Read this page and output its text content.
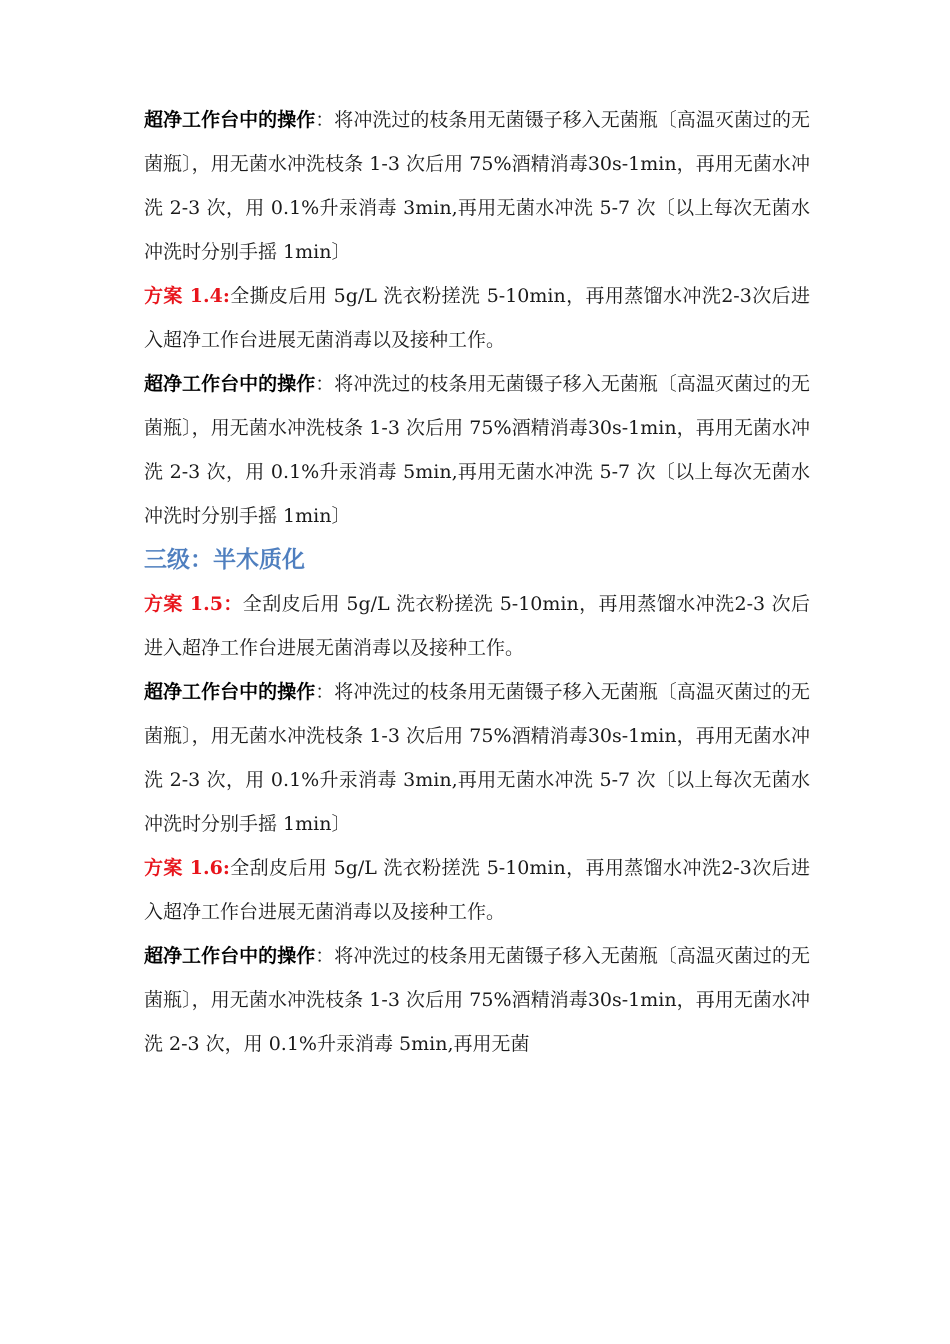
超净工作台中的操作：将冲洗过的枝条用无菌镊子移入无菌瓶〔高温灭菌过的无菌瓶〕，用无菌水冲洗枝条 1-3 次后用 75%酒精消毒30s-1min，再用无菌水冲洗 2-3 次，用 0.1%升汞消毒 3min,再用无菌水冲洗 5-7 次〔以上每次无菌水冲洗时分别手摇 1min〕

方案 1.4:全撕皮后用 5g/L 洗衣粉搓洗 5-10min，再用蒸馏水冲洗2-3次后进入超净工作台进展无菌消毒以及接种工作。

超净工作台中的操作：将冲洗过的枝条用无菌镊子移入无菌瓶〔高温灭菌过的无菌瓶〕，用无菌水冲洗枝条 1-3 次后用 75%酒精消毒30s-1min，再用无菌水冲洗 2-3 次，用 0.1%升汞消毒 5min,再用无菌水冲洗 5-7 次〔以上每次无菌水冲洗时分别手摇 1min〕

三级：半木质化

方案 1.5：全刮皮后用 5g/L 洗衣粉搓洗 5-10min，再用蒸馏水冲洗2-3 次后进入超净工作台进展无菌消毒以及接种工作。

超净工作台中的操作：将冲洗过的枝条用无菌镊子移入无菌瓶〔高温灭菌过的无菌瓶〕，用无菌水冲洗枝条 1-3 次后用 75%酒精消毒30s-1min，再用无菌水冲洗 2-3 次，用 0.1%升汞消毒 3min,再用无菌水冲洗 5-7 次〔以上每次无菌水冲洗时分别手摇 1min〕

方案 1.6:全刮皮后用 5g/L 洗衣粉搓洗 5-10min，再用蒸馏水冲洗2-3次后进入超净工作台进展无菌消毒以及接种工作。

超净工作台中的操作：将冲洗过的枝条用无菌镊子移入无菌瓶〔高温灭菌过的无菌瓶〕，用无菌水冲洗枝条 1-3 次后用 75%酒精消毒30s-1min，再用无菌水冲洗 2-3 次，用 0.1%升汞消毒 5min,再用无菌
